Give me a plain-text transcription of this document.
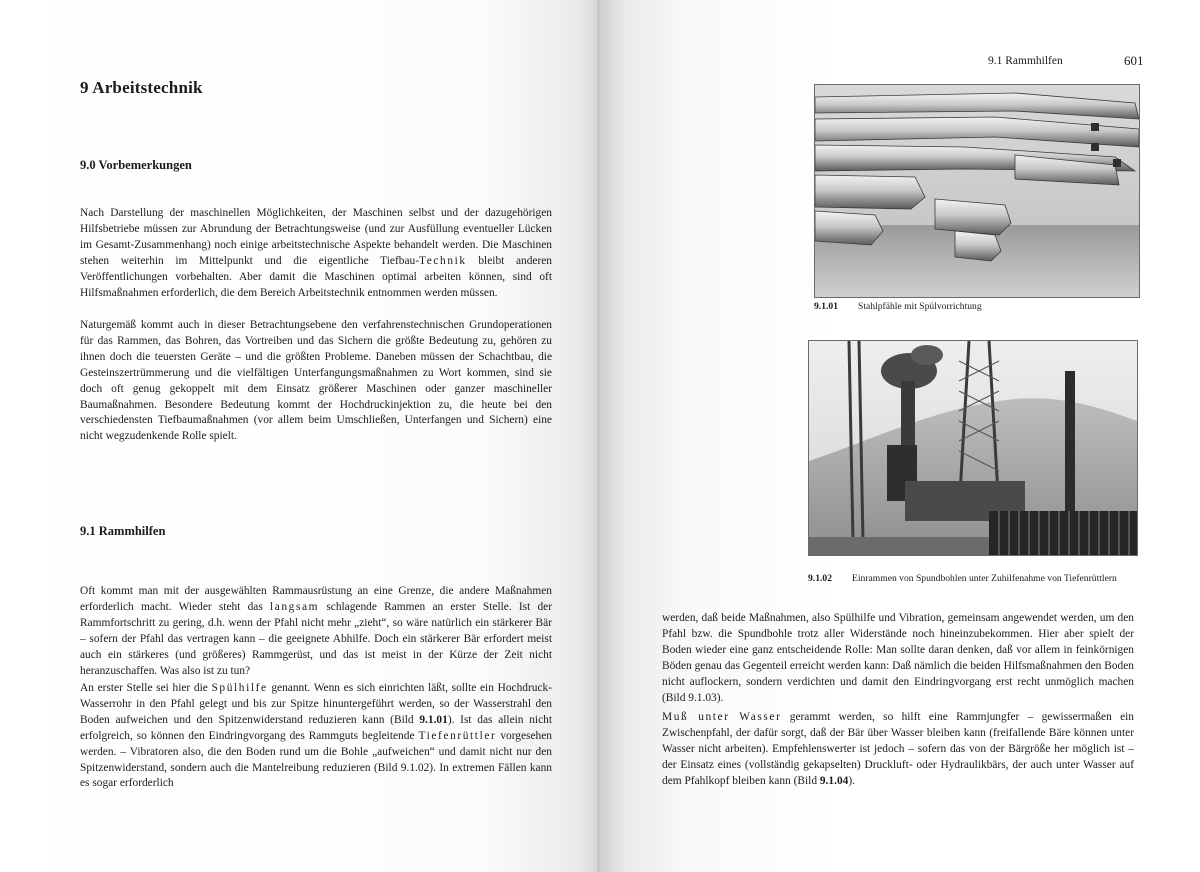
9 Arbeitstechnik
9.0 Vorbemerkungen

Nach Darstellung der maschinellen Möglichkeiten, der Maschinen selbst und der dazugehörigen Hilfsbetriebe müssen zur Abrundung der Betrachtungsweise (und zur Ausfüllung eventueller Lücken im Gesamt-Zusammenhang) noch einige arbeitstechnische Aspekte behandelt werden. Die Maschinen stehen weiterhin im Mittelpunkt und die eigentliche Tiefbau-Technik bleibt anderen Veröffentlichungen vorbehalten. Aber damit die Maschinen optimal arbeiten können, sind oft Hilfsmaßnahmen erforderlich, die dem Bereich Arbeitstechnik entnommen werden müssen.

Naturgemäß kommt auch in dieser Betrachtungsebene den verfahrenstechnischen Grundoperationen für das Rammen, das Bohren, das Vortreiben und das Sichern die größte Bedeutung zu, gehören zu ihnen doch die teuersten Geräte – und die größten Probleme. Daneben müssen der Schachtbau, die Gesteinszertrümmerung und die vielfältigen Unterfangungsmaßnahmen zu Wort kommen, sind sie doch oft genug gekoppelt mit dem Einsatz größerer Maschinen oder ganzer maschineller Baumaßnahmen. Besondere Bedeutung kommt der Hochdruckinjektion zu, die heute bei den verschiedensten Tiefbaumaßnahmen (vor allem beim Umschließen, Unterfangen und Sichern) eine nicht wegzudenkende Rolle spielt.

9.1 Rammhilfen

Oft kommt man mit der ausgewählten Rammausrüstung an eine Grenze, die andere Maßnahmen erforderlich macht. Wieder steht das langsam schlagende Rammen an erster Stelle. Ist der Rammfortschritt zu gering, d.h. wenn der Pfahl nicht mehr „zieht“, so wäre natürlich ein stärkerer Bär – sofern der Pfahl das vertragen kann – die geeignete Abhilfe. Doch ein stärkerer Bär erfordert meist auch ein stärkeres (und größeres) Rammgerüst, und das ist meist in der Kürze der Zeit nicht heranzuschaffen. Was also ist zu tun?

An erster Stelle sei hier die Spülhilfe genannt. Wenn es sich einrichten läßt, sollte ein Hochdruck-Wasserrohr in den Pfahl gelegt und bis zur Spitze hinuntergeführt werden, so der Wasserstrahl den Boden aufweichen und den Spitzenwiderstand reduzieren kann (Bild 9.1.01). Ist das allein nicht erfolgreich, so können den Eindringvorgang des Rammguts begleitende Tiefenrüttler vorgesehen werden. – Vibratoren also, die den Boden rund um die Bohle „aufweichen“ und damit nicht nur den Spitzenwiderstand, sondern auch die Mantelreibung reduzieren (Bild 9.1.02). In extremen Fällen kann es sogar erforderlich

9.1 Rammhilfen	601
9.1.01 Stahlpfähle mit Spülvorrichtung
9.1.02 Einrammen von Spundbohlen unter Zuhilfenahme von Tiefenrüttlern

werden, daß beide Maßnahmen, also Spülhilfe und Vibration, gemeinsam angewendet werden, um den Pfahl bzw. die Spundbohle trotz aller Widerstände noch hineinzubekommen. Hier aber spielt der Boden wieder eine ganz entscheidende Rolle: Man sollte daran denken, daß vor allem in feinkörnigen Böden genau das Gegenteil erreicht werden kann: Daß nämlich die beiden Hilfsmaßnahmen den Boden nicht auflockern, sondern verdichten und damit den Eindringvorgang erst recht unmöglich machen (Bild 9.1.03).

Muß unter Wasser gerammt werden, so hilft eine Rammjungfer – gewissermaßen ein Zwischenpfahl, der dafür sorgt, daß der Bär über Wasser bleiben kann (freifallende Bäre können unter Wasser nicht arbeiten). Empfehlenswerter ist jedoch – sofern das von der Bärgröße her möglich ist – der Einsatz eines (vollständig gekapselten) Druckluft- oder Hydraulikbärs, der auch unter Wasser auf dem Pfahlkopf bleiben kann (Bild 9.1.04).
